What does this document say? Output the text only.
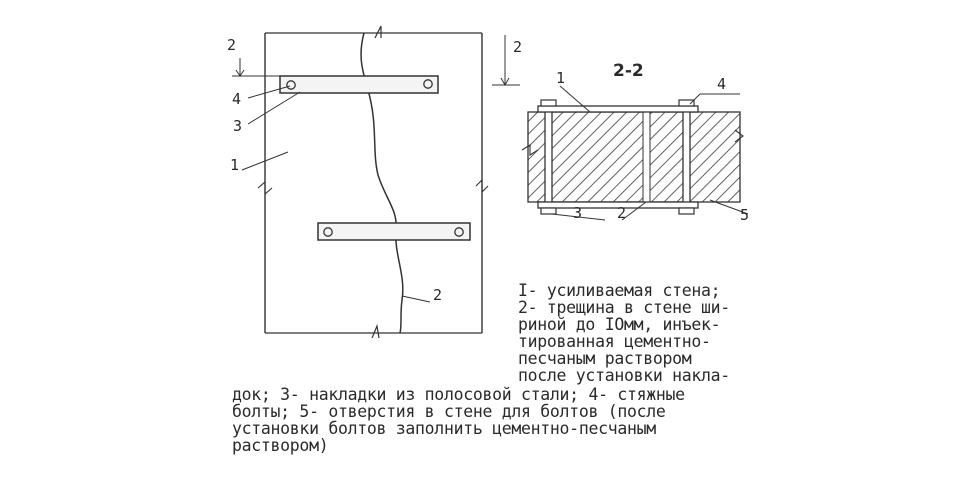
2	2
4
3
1
2
2-2
1	4
3 2	5
I- усиливаемая стена;
2- трещина в стене ши-
риной до IOмм, инъек-
тированная цементно-
песчаным раствором
после установки накла-
док; 3- накладки из полосовой стали; 4- стяжные
болты; 5- отверстия в стене для болтов (после
установки болтов заполнить цементно-песчаным
раствором)
